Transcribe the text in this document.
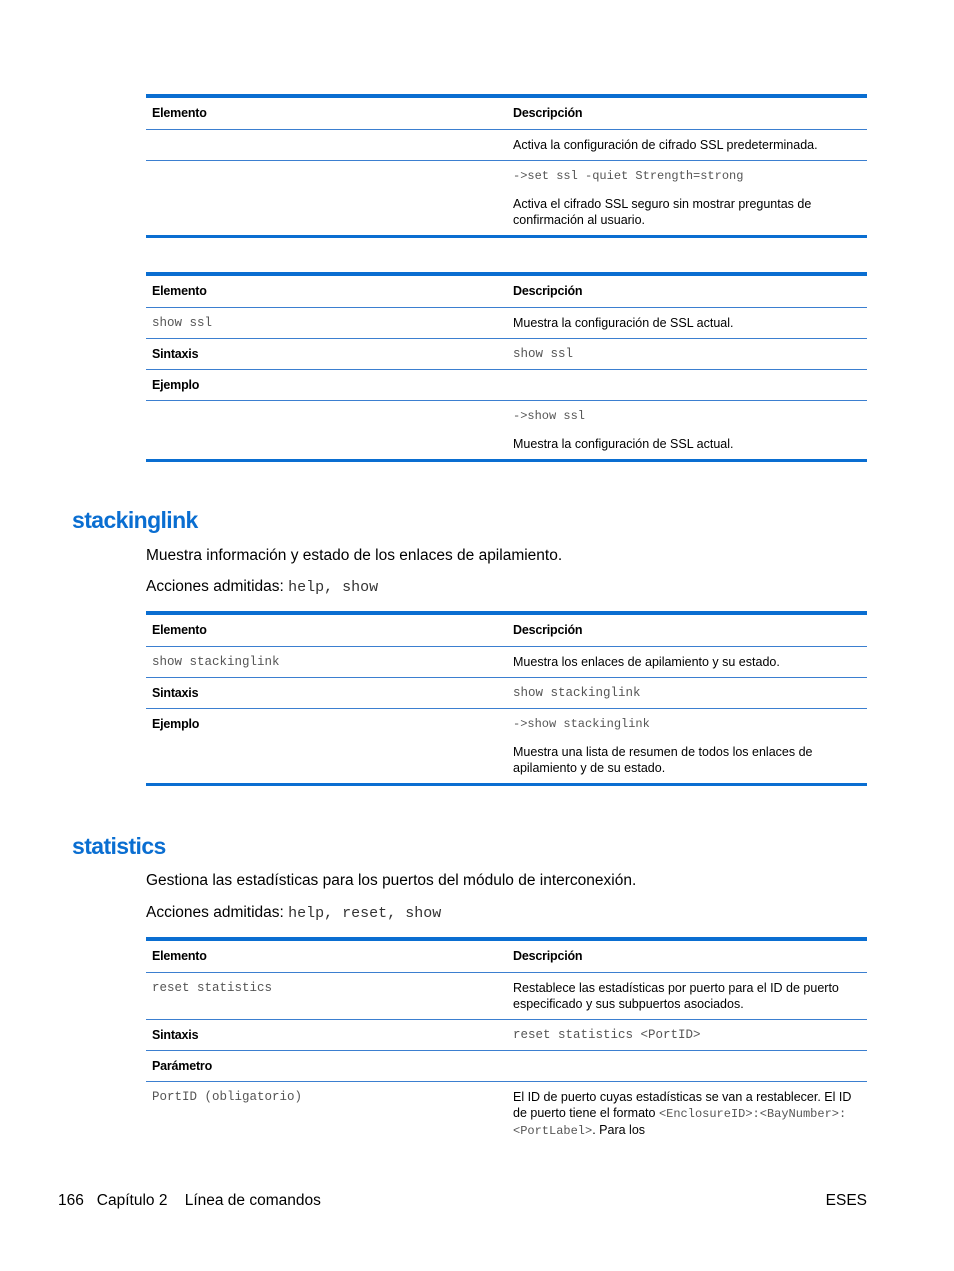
Elemento	Descripción
	Activa la configuración de cifrado SSL predeterminada.

	->set ssl -quiet Strength=strong
Activa el cifrado SSL seguro sin mostrar preguntas de confirmación al usuario.
Elemento	Descripción
show ssl	Muestra la configuración de SSL actual.
Sintaxis	show ssl
Ejemplo	

	->show ssl
Muestra la configuración de SSL actual.
stackinglink

Muestra información y estado de los enlaces de apilamiento.

Acciones admitidas: help, show

Elemento	Descripción
show stackinglink	Muestra los enlaces de apilamiento y su estado.
Sintaxis	show stackinglink
Ejemplo	->show stackinglink
Muestra una lista de resumen de todos los enlaces de apilamiento y de su estado.
statistics

Gestiona las estadísticas para los puertos del módulo de interconexión.

Acciones admitidas: help, reset, show

Elemento	Descripción
reset statistics	Restablece las estadísticas por puerto para el ID de puerto especificado y sus subpuertos asociados.
Sintaxis	reset statistics <PortID>
Parámetro	
PortID (obligatorio)	El ID de puerto cuyas estadísticas se van a restablecer. El ID de puerto tiene el formato <EnclosureID>:<BayNumber>:<PortLabel>. Para los
166 Capítulo 2 Línea de comandos	ESES
